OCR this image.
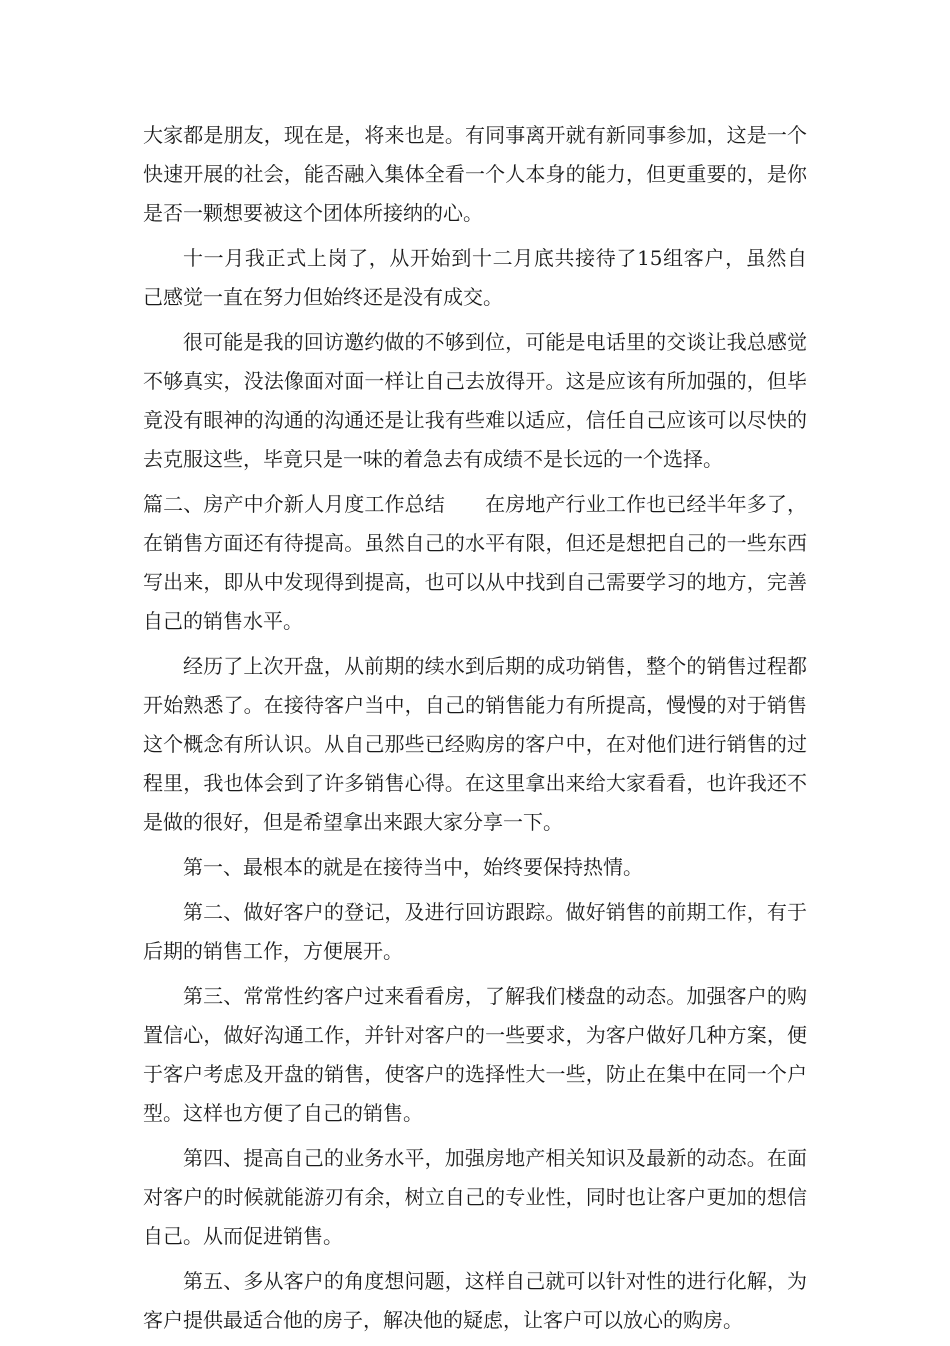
大家都是朋友，现在是，将来也是。有同事离开就有新同事参加，这是一个快速开展的社会，能否融入集体全看一个人本身的能力，但更重要的，是你是否一颗想要被这个团体所接纳的心。

十一月我正式上岗了，从开始到十二月底共接待了15组客户，虽然自己感觉一直在努力但始终还是没有成交。

很可能是我的回访邀约做的不够到位，可能是电话里的交谈让我总感觉不够真实，没法像面对面一样让自己去放得开。这是应该有所加强的，但毕竟没有眼神的沟通的沟通还是让我有些难以适应，信任自己应该可以尽快的去克服这些，毕竟只是一味的着急去有成绩不是长远的一个选择。

篇二、房产中介新人月度工作总结 在房地产行业工作也已经半年多了，在销售方面还有待提高。虽然自己的水平有限，但还是想把自己的一些东西写出来，即从中发现得到提高，也可以从中找到自己需要学习的地方，完善自己的销售水平。

经历了上次开盘，从前期的续水到后期的成功销售，整个的销售过程都开始熟悉了。在接待客户当中，自己的销售能力有所提高，慢慢的对于销售这个概念有所认识。从自己那些已经购房的客户中，在对他们进行销售的过程里，我也体会到了许多销售心得。在这里拿出来给大家看看，也许我还不是做的很好，但是希望拿出来跟大家分享一下。

第一、最根本的就是在接待当中，始终要保持热情。

第二、做好客户的登记，及进行回访跟踪。做好销售的前期工作，有于后期的销售工作，方便展开。

第三、常常性约客户过来看看房，了解我们楼盘的动态。加强客户的购置信心，做好沟通工作，并针对客户的一些要求，为客户做好几种方案，便于客户考虑及开盘的销售，使客户的选择性大一些，防止在集中在同一个户型。这样也方便了自己的销售。

第四、提高自己的业务水平，加强房地产相关知识及最新的动态。在面对客户的时候就能游刃有余，树立自己的专业性，同时也让客户更加的想信自己。从而促进销售。

第五、多从客户的角度想问题，这样自己就可以针对性的进行化解，为客户提供最适合他的房子，解决他的疑虑，让客户可以放心的购房。
